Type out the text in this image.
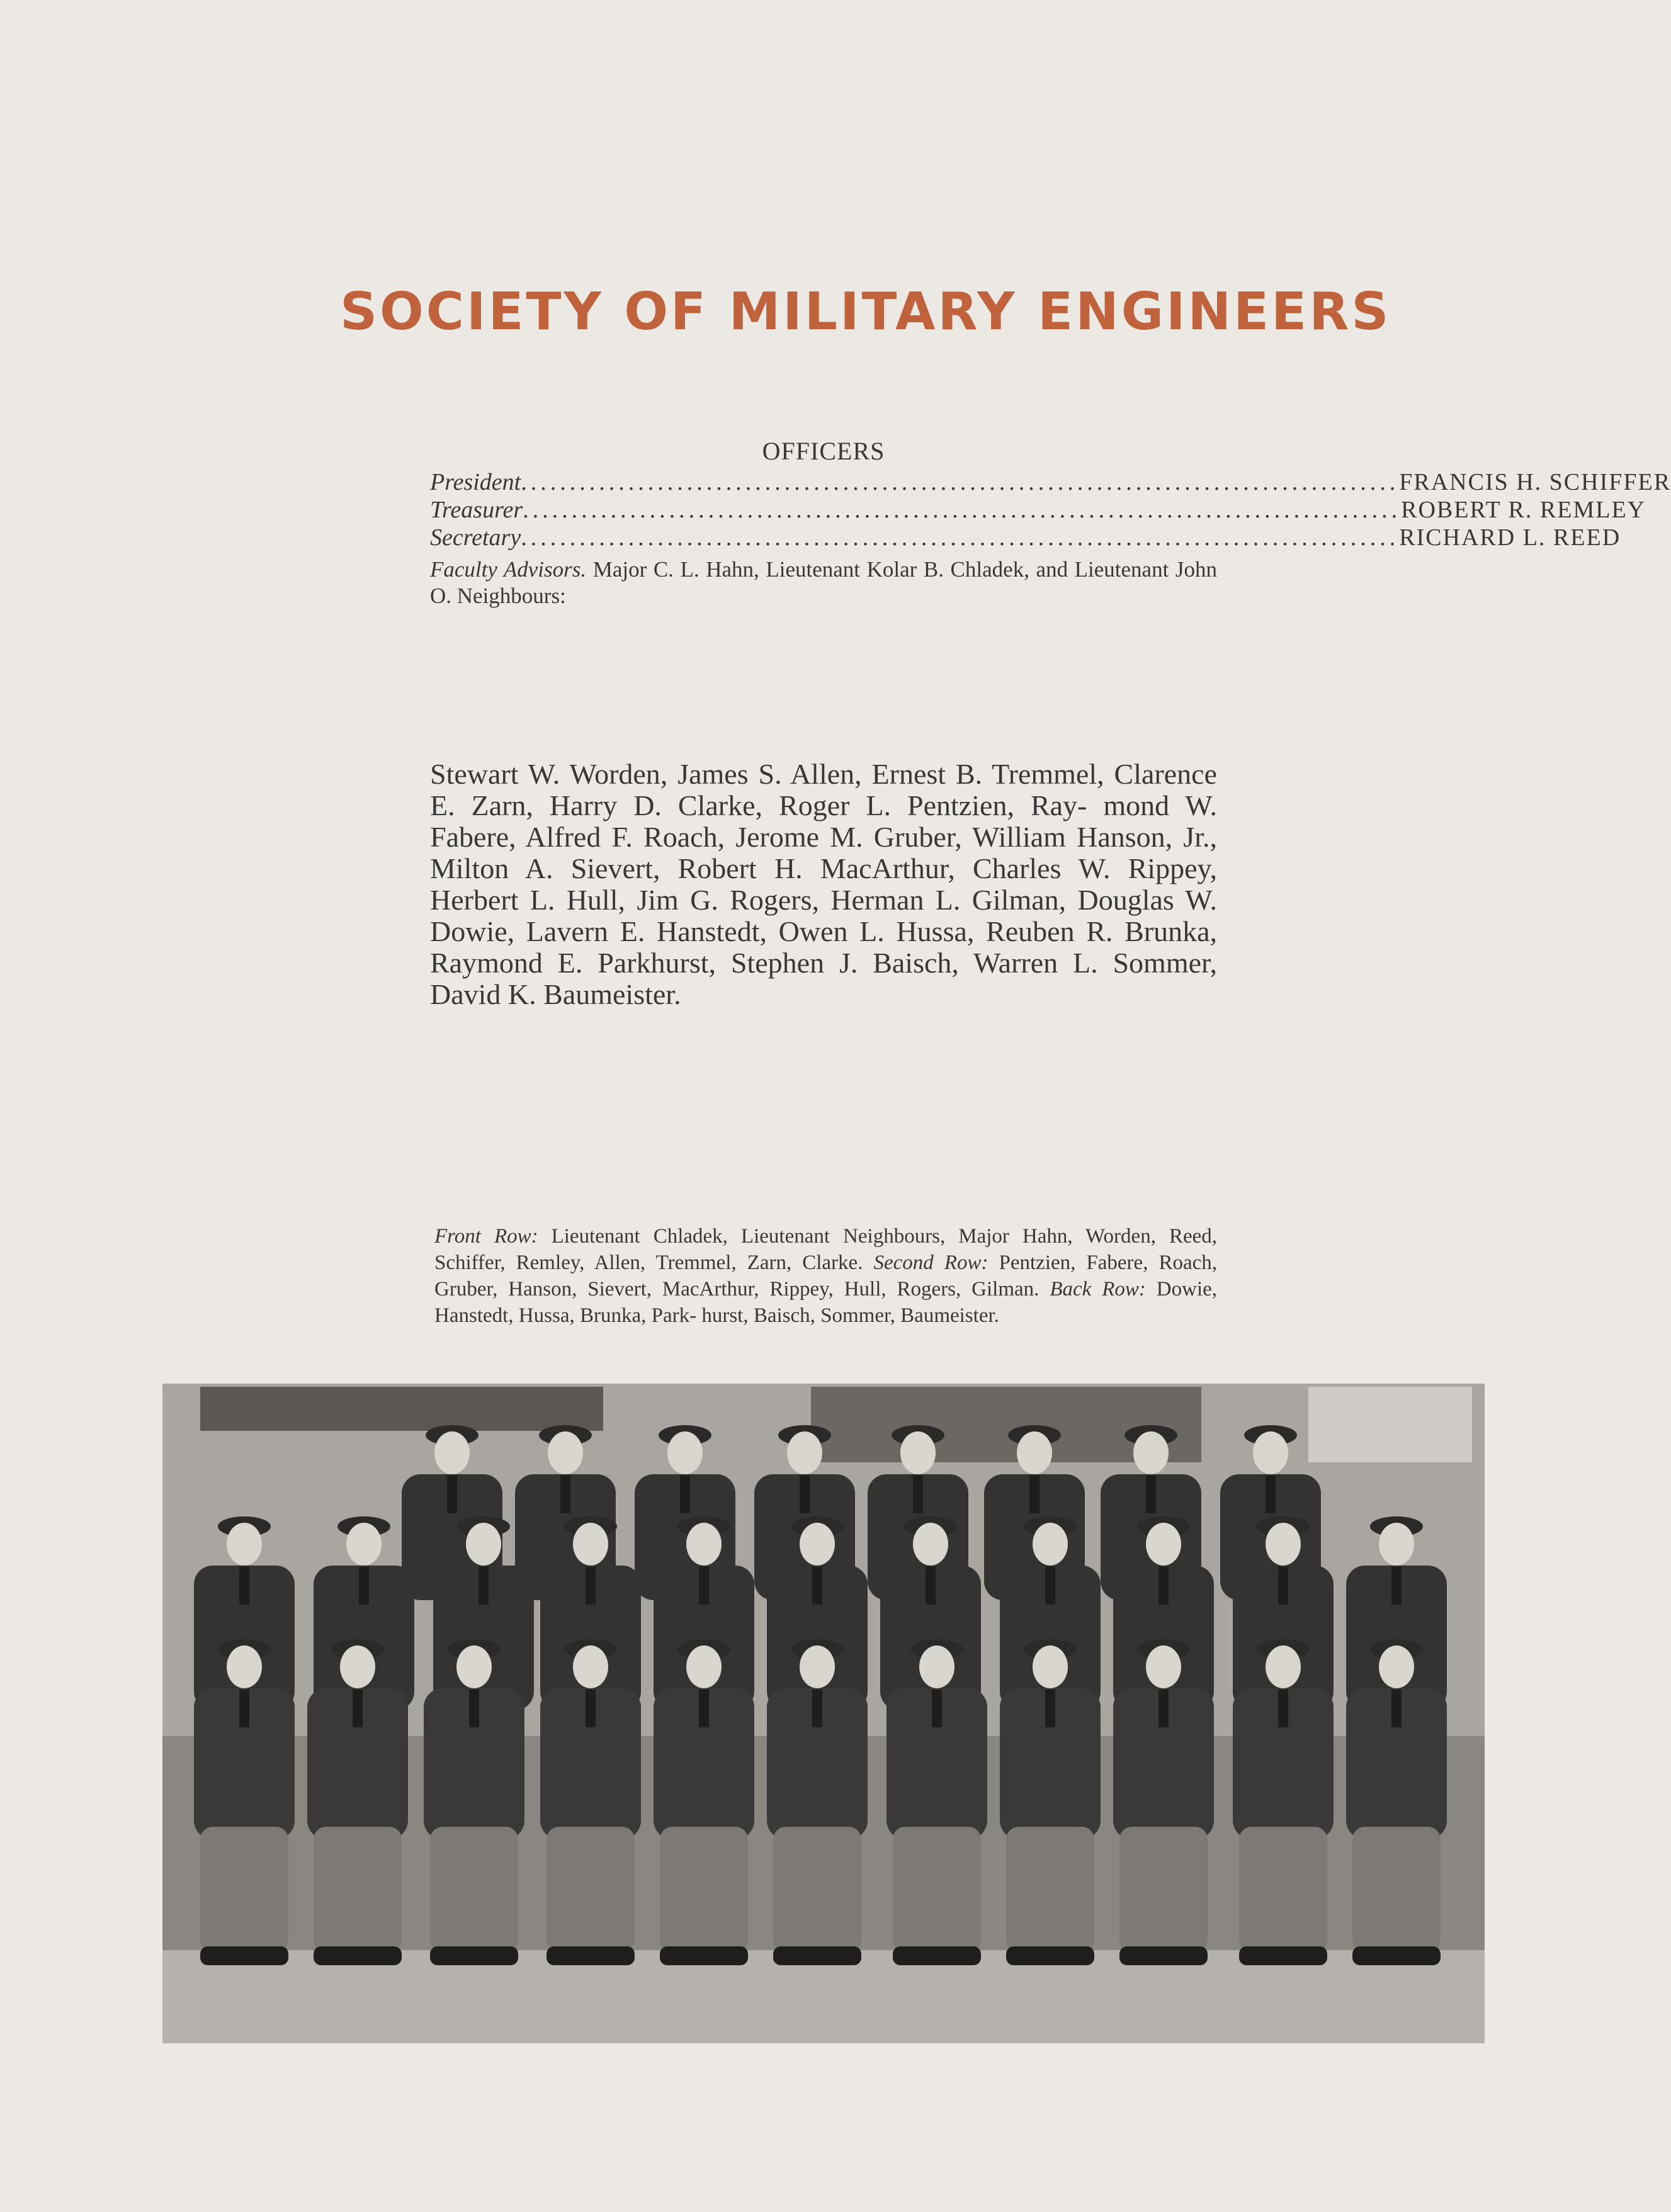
SOCIETY OF MILITARY ENGINEERS
OFFICERS
President .......................................................................................... FRANCIS H. SCHIFFER
Treasurer .......................................................................................... ROBERT R. REMLEY
Secretary .......................................................................................... RICHARD L. REED
Faculty Advisors. Major C. L. Hahn, Lieutenant Kolar B. Chladek, and Lieutenant John O. Neighbours:
Stewart W. Worden, James S. Allen, Ernest B. Tremmel, Clarence E. Zarn, Harry D. Clarke, Roger L. Pentzien, Ray- mond W. Fabere, Alfred F. Roach, Jerome M. Gruber, William Hanson, Jr., Milton A. Sievert, Robert H. MacArthur, Charles W. Rippey, Herbert L. Hull, Jim G. Rogers, Herman L. Gilman, Douglas W. Dowie, Lavern E. Hanstedt, Owen L. Hussa, Reuben R. Brunka, Raymond E. Parkhurst, Stephen J. Baisch, Warren L. Sommer, David K. Baumeister.
Front Row: Lieutenant Chladek, Lieutenant Neighbours, Major Hahn, Worden, Reed, Schiffer, Remley, Allen, Tremmel, Zarn, Clarke. Second Row: Pentzien, Fabere, Roach, Gruber, Hanson, Sievert, MacArthur, Rippey, Hull, Rogers, Gilman. Back Row: Dowie, Hanstedt, Hussa, Brunka, Park- hurst, Baisch, Sommer, Baumeister.
